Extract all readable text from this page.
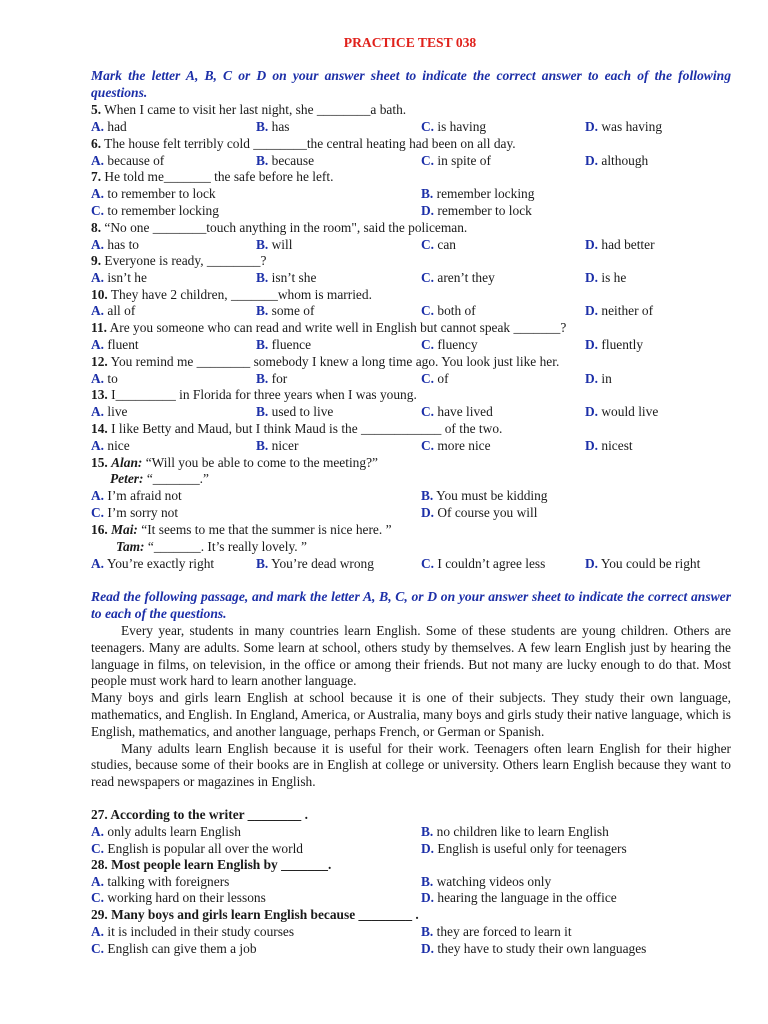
PRACTICE TEST 038
Mark the letter A, B, C or D on your answer sheet to indicate the correct answer to each of the following questions.
5. When I came to visit her last night, she ________a bath.
A. had	B. has	C. is having	D. was having
6. The house felt terribly cold ________the central heating had been on all day.
A. because of	B. because	C. in spite of	D. although
7. He told me_______ the safe before he left.
A. to remember to lock	B. remember locking
C. to remember locking	D. remember to lock
8. “No one ________touch anything in the room", said the policeman.
A. has to	B. will	C. can	D. had better
9. Everyone is ready, ________?
A. isn’t he	B. isn’t she	C. aren’t they	D. is he
10. They have 2 children, _______whom is married.
A. all of	B. some of	C. both of	D. neither of
11. Are you someone who can read and write well in English but cannot speak _______?
A. fluent	B. fluence	C. fluency	D. fluently
12. You remind me ________ somebody I knew a long time ago. You look just like her.
A. to	B. for	C. of	D. in
13. I_________ in Florida for three years when I was young.
A. live	B. used to live	C. have lived	D. would live
14. I like Betty and Maud, but I think Maud is the ____________ of the two.
A. nice	B. nicer	C. more nice	D. nicest
15. Alan: “Will you be able to come to the meeting?”
Peter: “_______.”
A. I’m afraid not	B. You must be kidding
C. I’m sorry not	D. Of course you will
16. Mai: “It seems to me that the summer is nice here. ”
Tam: “_______. It’s really lovely. ”
A. You’re exactly right	B. You’re dead wrong	C. I couldn’t agree less	D. You could be right
Read the following passage, and mark the letter A, B, C, or D on your answer sheet to indicate the correct answer to each of the questions.

Every year, students in many countries learn English. Some of these students are young children. Others are teenagers. Many are adults. Some learn at school, others study by themselves. A few learn English just by hearing the language in films, on television, in the office or among their friends. But not many are lucky enough to do that. Most people must work hard to learn another language.

Many boys and girls learn English at school because it is one of their subjects. They study their own language, mathematics, and English. In England, America, or Australia, many boys and girls study their native language, which is English, mathematics, and another language, perhaps French, or German or Spanish.

Many adults learn English because it is useful for their work. Teenagers often learn English for their higher studies, because some of their books are in English at college or university. Others learn English because they want to read newspapers or magazines in English.

27. According to the writer ________ .
A. only adults learn English	B. no children like to learn English
C. English is popular all over the world	D. English is useful only for teenagers
28. Most people learn English by _______.
A. talking with foreigners	B. watching videos only
C. working hard on their lessons	D. hearing the language in the office
29. Many boys and girls learn English because ________ .
A. it is included in their study courses	B. they are forced to learn it
C. English can give them a job	D. they have to study their own languages
